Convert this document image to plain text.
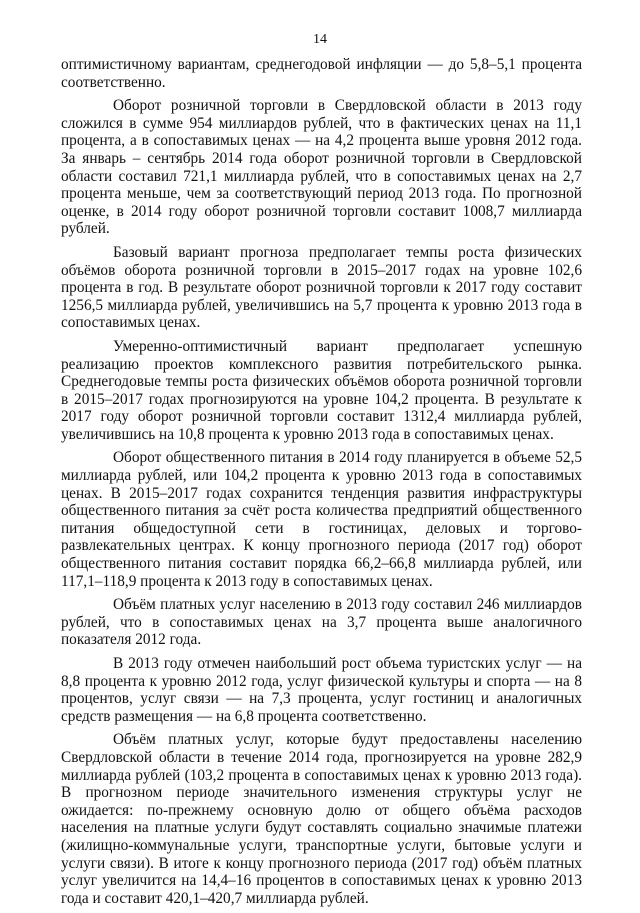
14

оптимистичному вариантам, среднегодовой инфляции — до 5,8–5,1 процента соответственно.

Оборот розничной торговли в Свердловской области в 2013 году сложился в сумме 954 миллиардов рублей, что в фактических ценах на 11,1 процента, а в сопоставимых ценах — на 4,2 процента выше уровня 2012 года. За январь – сентябрь 2014 года оборот розничной торговли в Свердловской области составил 721,1 миллиарда рублей, что в сопоставимых ценах на 2,7 процента меньше, чем за соответствующий период 2013 года. По прогнозной оценке, в 2014 году оборот розничной торговли составит 1008,7 миллиарда рублей.

Базовый вариант прогноза предполагает темпы роста физических объёмов оборота розничной торговли в 2015–2017 годах на уровне 102,6 процента в год. В результате оборот розничной торговли к 2017 году составит 1256,5 миллиарда рублей, увеличившись на 5,7 процента к уровню 2013 года в сопоставимых ценах.

Умеренно-оптимистичный вариант предполагает успешную реализацию проектов комплексного развития потребительского рынка. Среднегодовые темпы роста физических объёмов оборота розничной торговли в 2015–2017 годах прогнозируются на уровне 104,2 процента. В результате к 2017 году оборот розничной торговли составит 1312,4 миллиарда рублей, увеличившись на 10,8 процента к уровню 2013 года в сопоставимых ценах.

Оборот общественного питания в 2014 году планируется в объеме 52,5 миллиарда рублей, или 104,2 процента к уровню 2013 года в сопоставимых ценах. В 2015–2017 годах сохранится тенденция развития инфраструктуры общественного питания за счёт роста количества предприятий общественного питания общедоступной сети в гостиницах, деловых и торгово-развлекательных центрах. К концу прогнозного периода (2017 год) оборот общественного питания составит порядка 66,2–66,8 миллиарда рублей, или 117,1–118,9 процента к 2013 году в сопоставимых ценах.

Объём платных услуг населению в 2013 году составил 246 миллиардов рублей, что в сопоставимых ценах на 3,7 процента выше аналогичного показателя 2012 года.

В 2013 году отмечен наибольший рост объема туристских услуг — на 8,8 процента к уровню 2012 года, услуг физической культуры и спорта — на 8 процентов, услуг связи — на 7,3 процента, услуг гостиниц и аналогичных средств размещения — на 6,8 процента соответственно.

Объём платных услуг, которые будут предоставлены населению Свердловской области в течение 2014 года, прогнозируется на уровне 282,9 миллиарда рублей (103,2 процента в сопоставимых ценах к уровню 2013 года). В прогнозном периоде значительного изменения структуры услуг не ожидается: по-прежнему основную долю от общего объёма расходов населения на платные услуги будут составлять социально значимые платежи (жилищно-коммунальные услуги, транспортные услуги, бытовые услуги и услуги связи). В итоге к концу прогнозного периода (2017 год) объём платных услуг увеличится на 14,4–16 процентов в сопоставимых ценах к уровню 2013 года и составит 420,1–420,7 миллиарда рублей.
